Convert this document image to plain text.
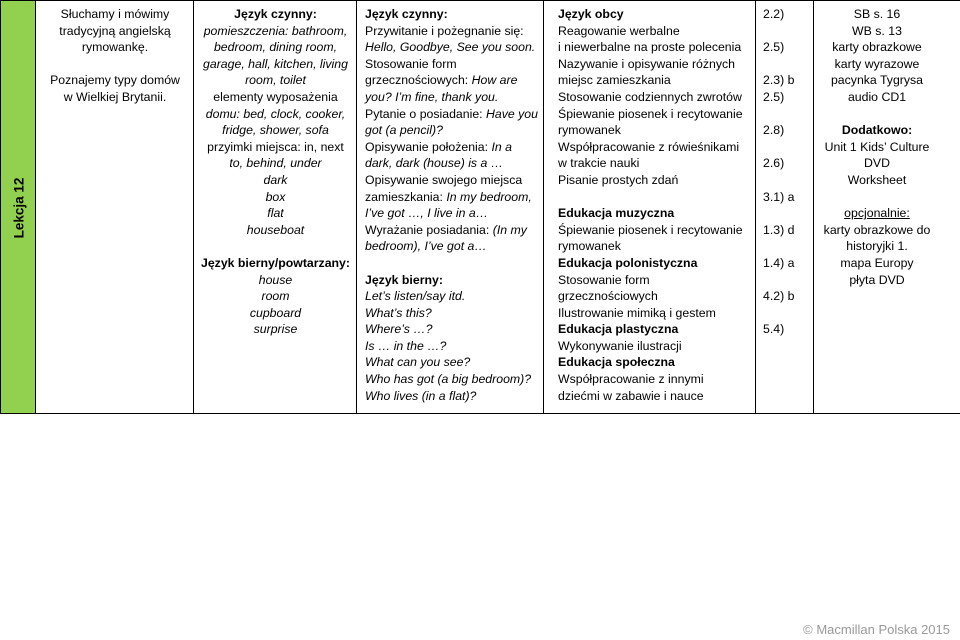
Lekcja 12
Słuchamy i mówimy
tradycyjną angielską
rymowankę.
Poznajemy typy domów
w Wielkiej Brytanii.
Język czynny:
pomieszczenia: bathroom,
bedroom, dining room,
garage, hall, kitchen, living
room, toilet
elementy wyposażenia
domu: bed, clock, cooker,
fridge, shower, sofa
przyimki miejsca: in, next
to, behind, under
dark
box
flat
houseboat
Język bierny/powtarzany:
house
room
cupboard
surprise
Język czynny:
Przywitanie i pożegnanie się:
Hello, Goodbye, See you soon.
Stosowanie form
grzecznościowych: How are
you? I’m fine, thank you.
Pytanie o posiadanie: Have you
got (a pencil)?
Opisywanie położenia: In a
dark, dark (house) is a …
Opisywanie swojego miejsca
zamieszkania: In my bedroom,
I’ve got …, I live in a…
Wyrażanie posiadania: (In my
bedroom), I’ve got a…
Język bierny:
Let’s listen/say itd.
What’s this?
Where’s …?
Is … in the …?
What can you see?
Who has got (a big bedroom)?
Who lives (in a flat)?
Język obcy
Reagowanie werbalne
i niewerbalne na proste polecenia
Nazywanie i opisywanie różnych
miejsc zamieszkania
Stosowanie codziennych zwrotów
Śpiewanie piosenek i recytowanie
rymowanek
Współpracowanie z rówieśnikami
w trakcie nauki
Pisanie prostych zdań
Edukacja muzyczna
Śpiewanie piosenek i recytowanie
rymowanek
Edukacja polonistyczna
Stosowanie form
grzecznościowych
Ilustrowanie mimiką i gestem
Edukacja plastyczna
Wykonywanie ilustracji
Edukacja społeczna
Współpracowanie z innymi
dziećmi w zabawie i nauce
2.2)
2.5)
2.3) b
2.5)
2.8)
2.6)
3.1) a
1.3) d
1.4) a
4.2) b
5.4)
SB s. 16
WB s. 13
karty obrazkowe
karty wyrazowe
pacynka Tygrysa
audio CD1
Dodatkowo:
Unit 1 Kids’ Culture
DVD
Worksheet
opcjonalnie:
karty obrazkowe do
historyjki 1.
mapa Europy
płyta DVD
© Macmillan Polska 2015
